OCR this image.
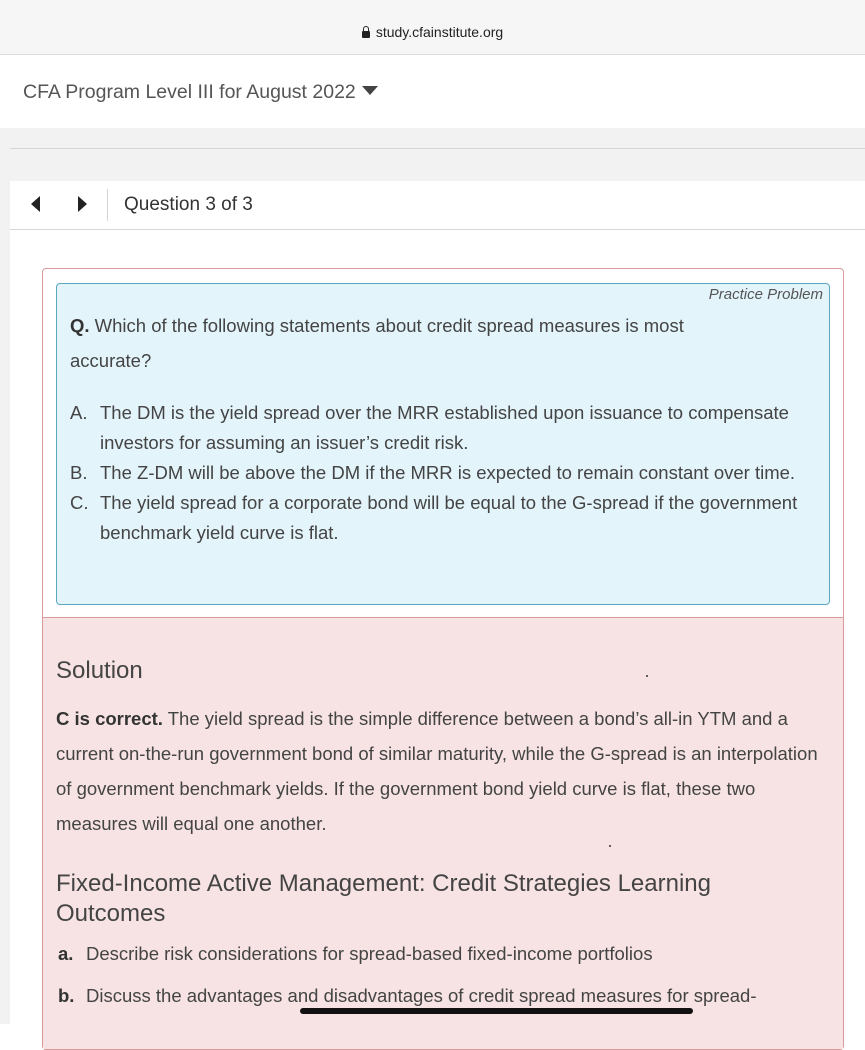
study.cfainstitute.org
CFA Program Level III for August 2022
Question 3 of 3
Practice Problem
Q. Which of the following statements about credit spread measures is most accurate?
A. The DM is the yield spread over the MRR established upon issuance to compensate investors for assuming an issuer’s credit risk.
B. The Z-DM will be above the DM if the MRR is expected to remain constant over time.
C. The yield spread for a corporate bond will be equal to the G-spread if the government benchmark yield curve is flat.
Solution
C is correct. The yield spread is the simple difference between a bond’s all-in YTM and a current on-the-run government bond of similar maturity, while the G-spread is an interpolation of government benchmark yields. If the government bond yield curve is flat, these two measures will equal one another.
Fixed-Income Active Management: Credit Strategies Learning Outcomes
a. Describe risk considerations for spread-based fixed-income portfolios
b. Discuss the advantages and disadvantages of credit spread measures for spread-
